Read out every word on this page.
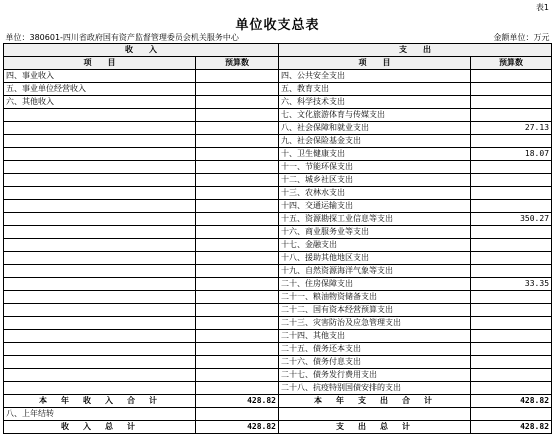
表1
单位收支总表
单位：380601-四川省政府国有资产监督管理委员会机关服务中心			金额单位：万元
收　　入		支　　出	
项　　目	预算数	项　　目	预算数
四、事业收入		四、公共安全支出	
五、事业单位经营收入		五、教育支出	
六、其他收入		六、科学技术支出	
		七、文化旅游体育与传媒支出	
		八、社会保障和就业支出	27.13
		九、社会保险基金支出	
		十、卫生健康支出	18.07
		十一、节能环保支出	
		十二、城乡社区支出	
		十三、农林水支出	
		十四、交通运输支出	
		十五、资源勘探工业信息等支出	350.27
		十六、商业服务业等支出	
		十七、金融支出	
		十八、援助其他地区支出	
		十九、自然资源海洋气象等支出	
		二十、住房保障支出	33.35
		二十一、粮油物资储备支出	
		二十二、国有资本经营预算支出	
		二十三、灾害防治及应急管理支出	
		二十四、其他支出	
		二十五、债务还本支出	
		二十六、债务付息支出	
		二十七、债务发行费用支出	
		二十八、抗疫特别国债安排的支出	
本　年　收　入　合　计	428.82	本　年　支　出　合　计	428.82
八、上年结转			
收　入　总　计	428.82	支　出　总　计	428.82
